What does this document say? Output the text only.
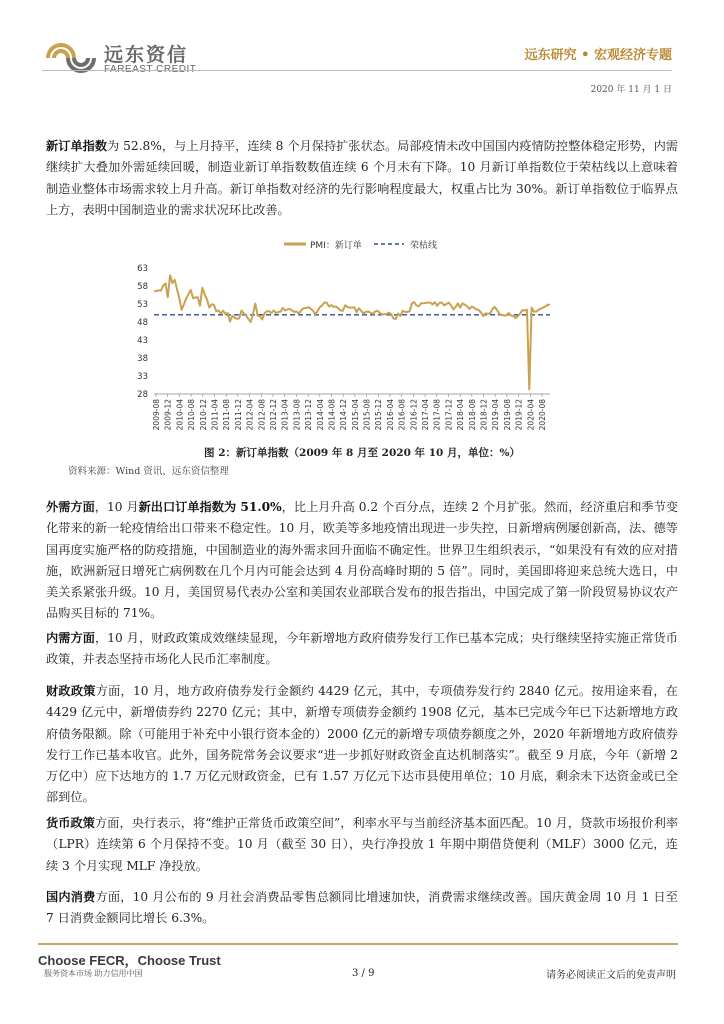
远东资信
FAREAST CREDIT
远东研究 • 宏观经济专题
2020 年 11 月 1 日

新订单指数为 52.8%，与上月持平，连续 8 个月保持扩张状态。局部疫情未改中国国内疫情防控整体稳定形势，内需继续扩大叠加外需延续回暖，制造业新订单指数数值连续 6 个月未有下降。10 月新订单指数位于荣枯线以上意味着制造业整体市场需求较上月升高。新订单指数对经济的先行影响程度最大，权重占比为 30%。新订单指数位于临界点上方，表明中国制造业的需求状况环比改善。

PMI：新订单	荣枯线
28
33
38
43
48
53
58
63
2009-08 2009-12 2010-04 2010-08 2010-12 2011-04 2011-08 2011-12 2012-04 2012-08 2012-12 2013-04 2013-08 2013-12 2014-04 2014-08 2014-12 2015-04 2015-08 2015-12 2016-04 2016-08 2016-12 2017-04 2017-08 2017-12 2018-04 2018-08 2018-12 2019-04 2019-08 2019-12 2020-04 2020-08
图 2：新订单指数（2009 年 8 月至 2020 年 10 月，单位：%）
资料来源：Wind 资讯，远东资信整理

外需方面，10 月新出口订单指数为 51.0%，比上月升高 0.2 个百分点，连续 2 个月扩张。然而，经济重启和季节变化带来的新一轮疫情给出口带来不稳定性。10 月，欧美等多地疫情出现进一步失控，日新增病例屡创新高，法、德等国再度实施严格的防疫措施，中国制造业的海外需求回升面临不确定性。世界卫生组织表示，“如果没有有效的应对措施，欧洲新冠日增死亡病例数在几个月内可能会达到 4 月份高峰时期的 5 倍”。同时，美国即将迎来总统大选日，中美关系紧张升级。10 月，美国贸易代表办公室和美国农业部联合发布的报告指出，中国完成了第一阶段贸易协议农产品购买目标的 71%。

内需方面，10 月，财政政策成效继续显现，今年新增地方政府债券发行工作已基本完成；央行继续坚持实施正常货币政策，并表态坚持市场化人民币汇率制度。

财政政策方面，10 月，地方政府债券发行金额约 4429 亿元，其中，专项债券发行约 2840 亿元。按用途来看，在 4429 亿元中，新增债券约 2270 亿元；其中，新增专项债券金额约 1908 亿元，基本已完成今年已下达新增地方政府债务限额。除（可能用于补充中小银行资本金的）2000 亿元的新增专项债券额度之外，2020 年新增地方政府债券发行工作已基本收官。此外，国务院常务会议要求“进一步抓好财政资金直达机制落实”。截至 9 月底，今年（新增 2 万亿中）应下达地方的 1.7 万亿元财政资金，已有 1.57 万亿元下达市县使用单位；10 月底，剩余未下达资金或已全部到位。

货币政策方面，央行表示，将“维护正常货币政策空间”，利率水平与当前经济基本面匹配。10 月，贷款市场报价利率（LPR）连续第 6 个月保持不变。10 月（截至 30 日），央行净投放 1 年期中期借贷便利（MLF）3000 亿元，连续 3 个月实现 MLF 净投放。

国内消费方面，10 月公布的 9 月社会消费品零售总额同比增速加快，消费需求继续改善。国庆黄金周 10 月 1 日至 7 日消费金额同比增长 6.3%。

Choose FECR，Choose Trust
服务资本市场 助力信用中国	3 / 9	请务必阅读正文后的免责声明
